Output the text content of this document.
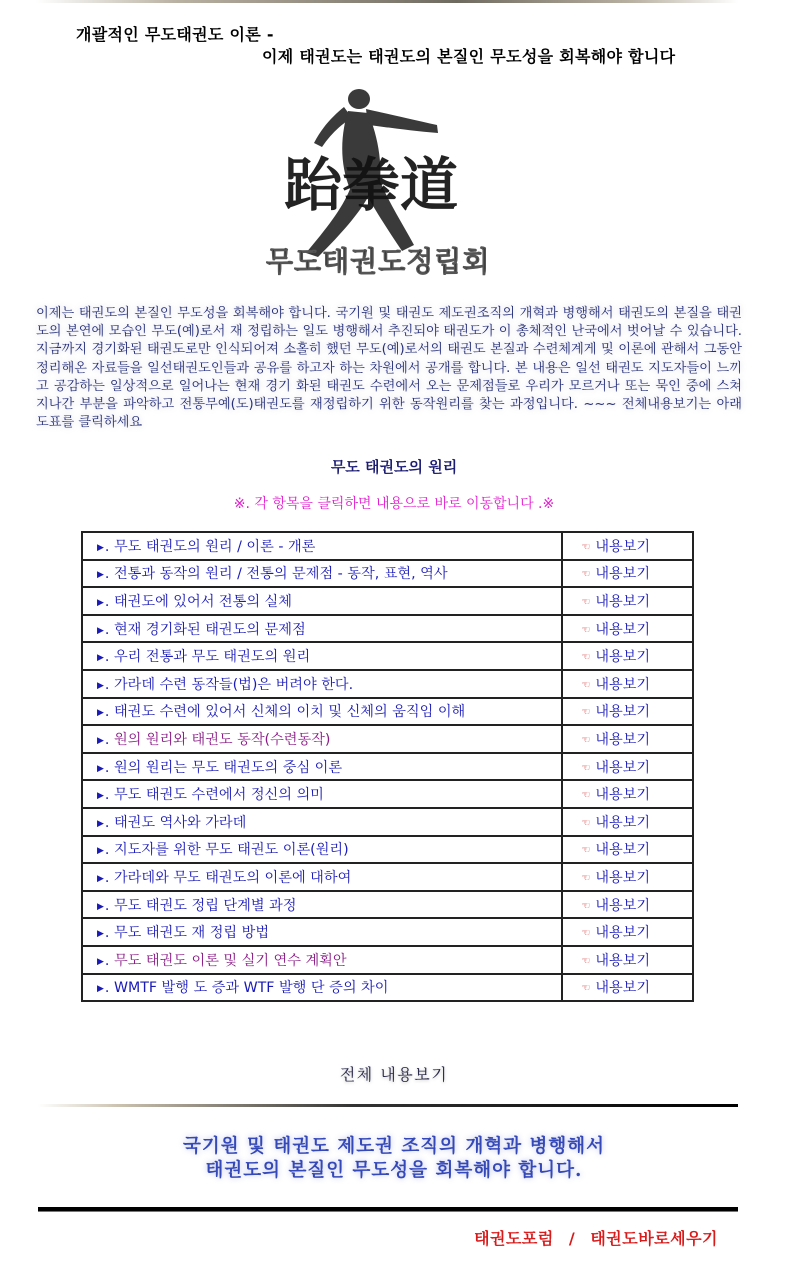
개괄적인 무도태권도 이론 -
이제 태권도는 태권도의 본질인 무도성을 회복해야 합니다
跆拳道
무도태권도정립회
이제는 태권도의 본질인 무도성을 회복해야 합니다. 국기원 및 태권도 제도권조직의 개혁과 병행해서 태권도의 본질을 태권도의 본연에 모습인 무도(예)로서 재 정립하는 일도 병행해서 추진되야 태권도가 이 총체적인 난국에서 벗어날 수 있습니다. 지금까지 경기화된 태권도로만 인식되어져 소홀히 했던 무도(예)로서의 태권도 본질과 수련체계게 및 이론에 관해서 그동안 정리해온 자료들을 일선태권도인들과 공유를 하고자 하는 차원에서 공개를 합니다. 본 내용은 일선 태권도 지도자들이 느끼고 공감하는 일상적으로 일어나는 현재 경기 화된 태권도 수련에서 오는 문제점들로 우리가 모르거나 또는 묵인 중에 스쳐 지나간 부분을 파악하고 전통무예(도)태권도를 재정립하기 위한 동작원리를 찾는 과정입니다. ~~~ 전체내용보기는 아래 도표를 클릭하세요
무도 태권도의 원리
※. 각 항목을 클릭하면 내용으로 바로 이동합니다 .※
▶. 무도 태권도의 원리 / 이론 - 개론	☜ 내용보기
▶. 전통과 동작의 원리 / 전통의 문제점 - 동작, 표현, 역사	☜ 내용보기
▶. 태권도에 있어서 전통의 실체	☜ 내용보기
▶. 현재 경기화된 태권도의 문제점	☜ 내용보기
▶. 우리 전통과 무도 태권도의 원리	☜ 내용보기
▶. 가라데 수련 동작들(법)은 버려야 한다.	☜ 내용보기
▶. 태권도 수련에 있어서 신체의 이치 및 신체의 움직임 이해	☜ 내용보기
▶. 원의 원리와 태권도 동작(수련동작)	☜ 내용보기
▶. 원의 원리는 무도 태권도의 중심 이론	☜ 내용보기
▶. 무도 태권도 수련에서 정신의 의미	☜ 내용보기
▶. 태권도 역사와 가라데	☜ 내용보기
▶. 지도자를 위한 무도 태권도 이론(원리)	☜ 내용보기
▶. 가라데와 무도 태권도의 이론에 대하여	☜ 내용보기
▶. 무도 태권도 정립 단계별 과정	☜ 내용보기
▶. 무도 태권도 재 정립 방법	☜ 내용보기
▶. 무도 태권도 이론 및 실기 연수 계획안	☜ 내용보기
▶. WMTF 발행 도 증과 WTF 발행 단 증의 차이	☜ 내용보기
전체 내용보기
국기원 및 태권도 제도권 조직의 개혁과 병행해서
태권도의 본질인 무도성을 회복해야 합니다.
태권도포럼 / 태권도바로세우기
